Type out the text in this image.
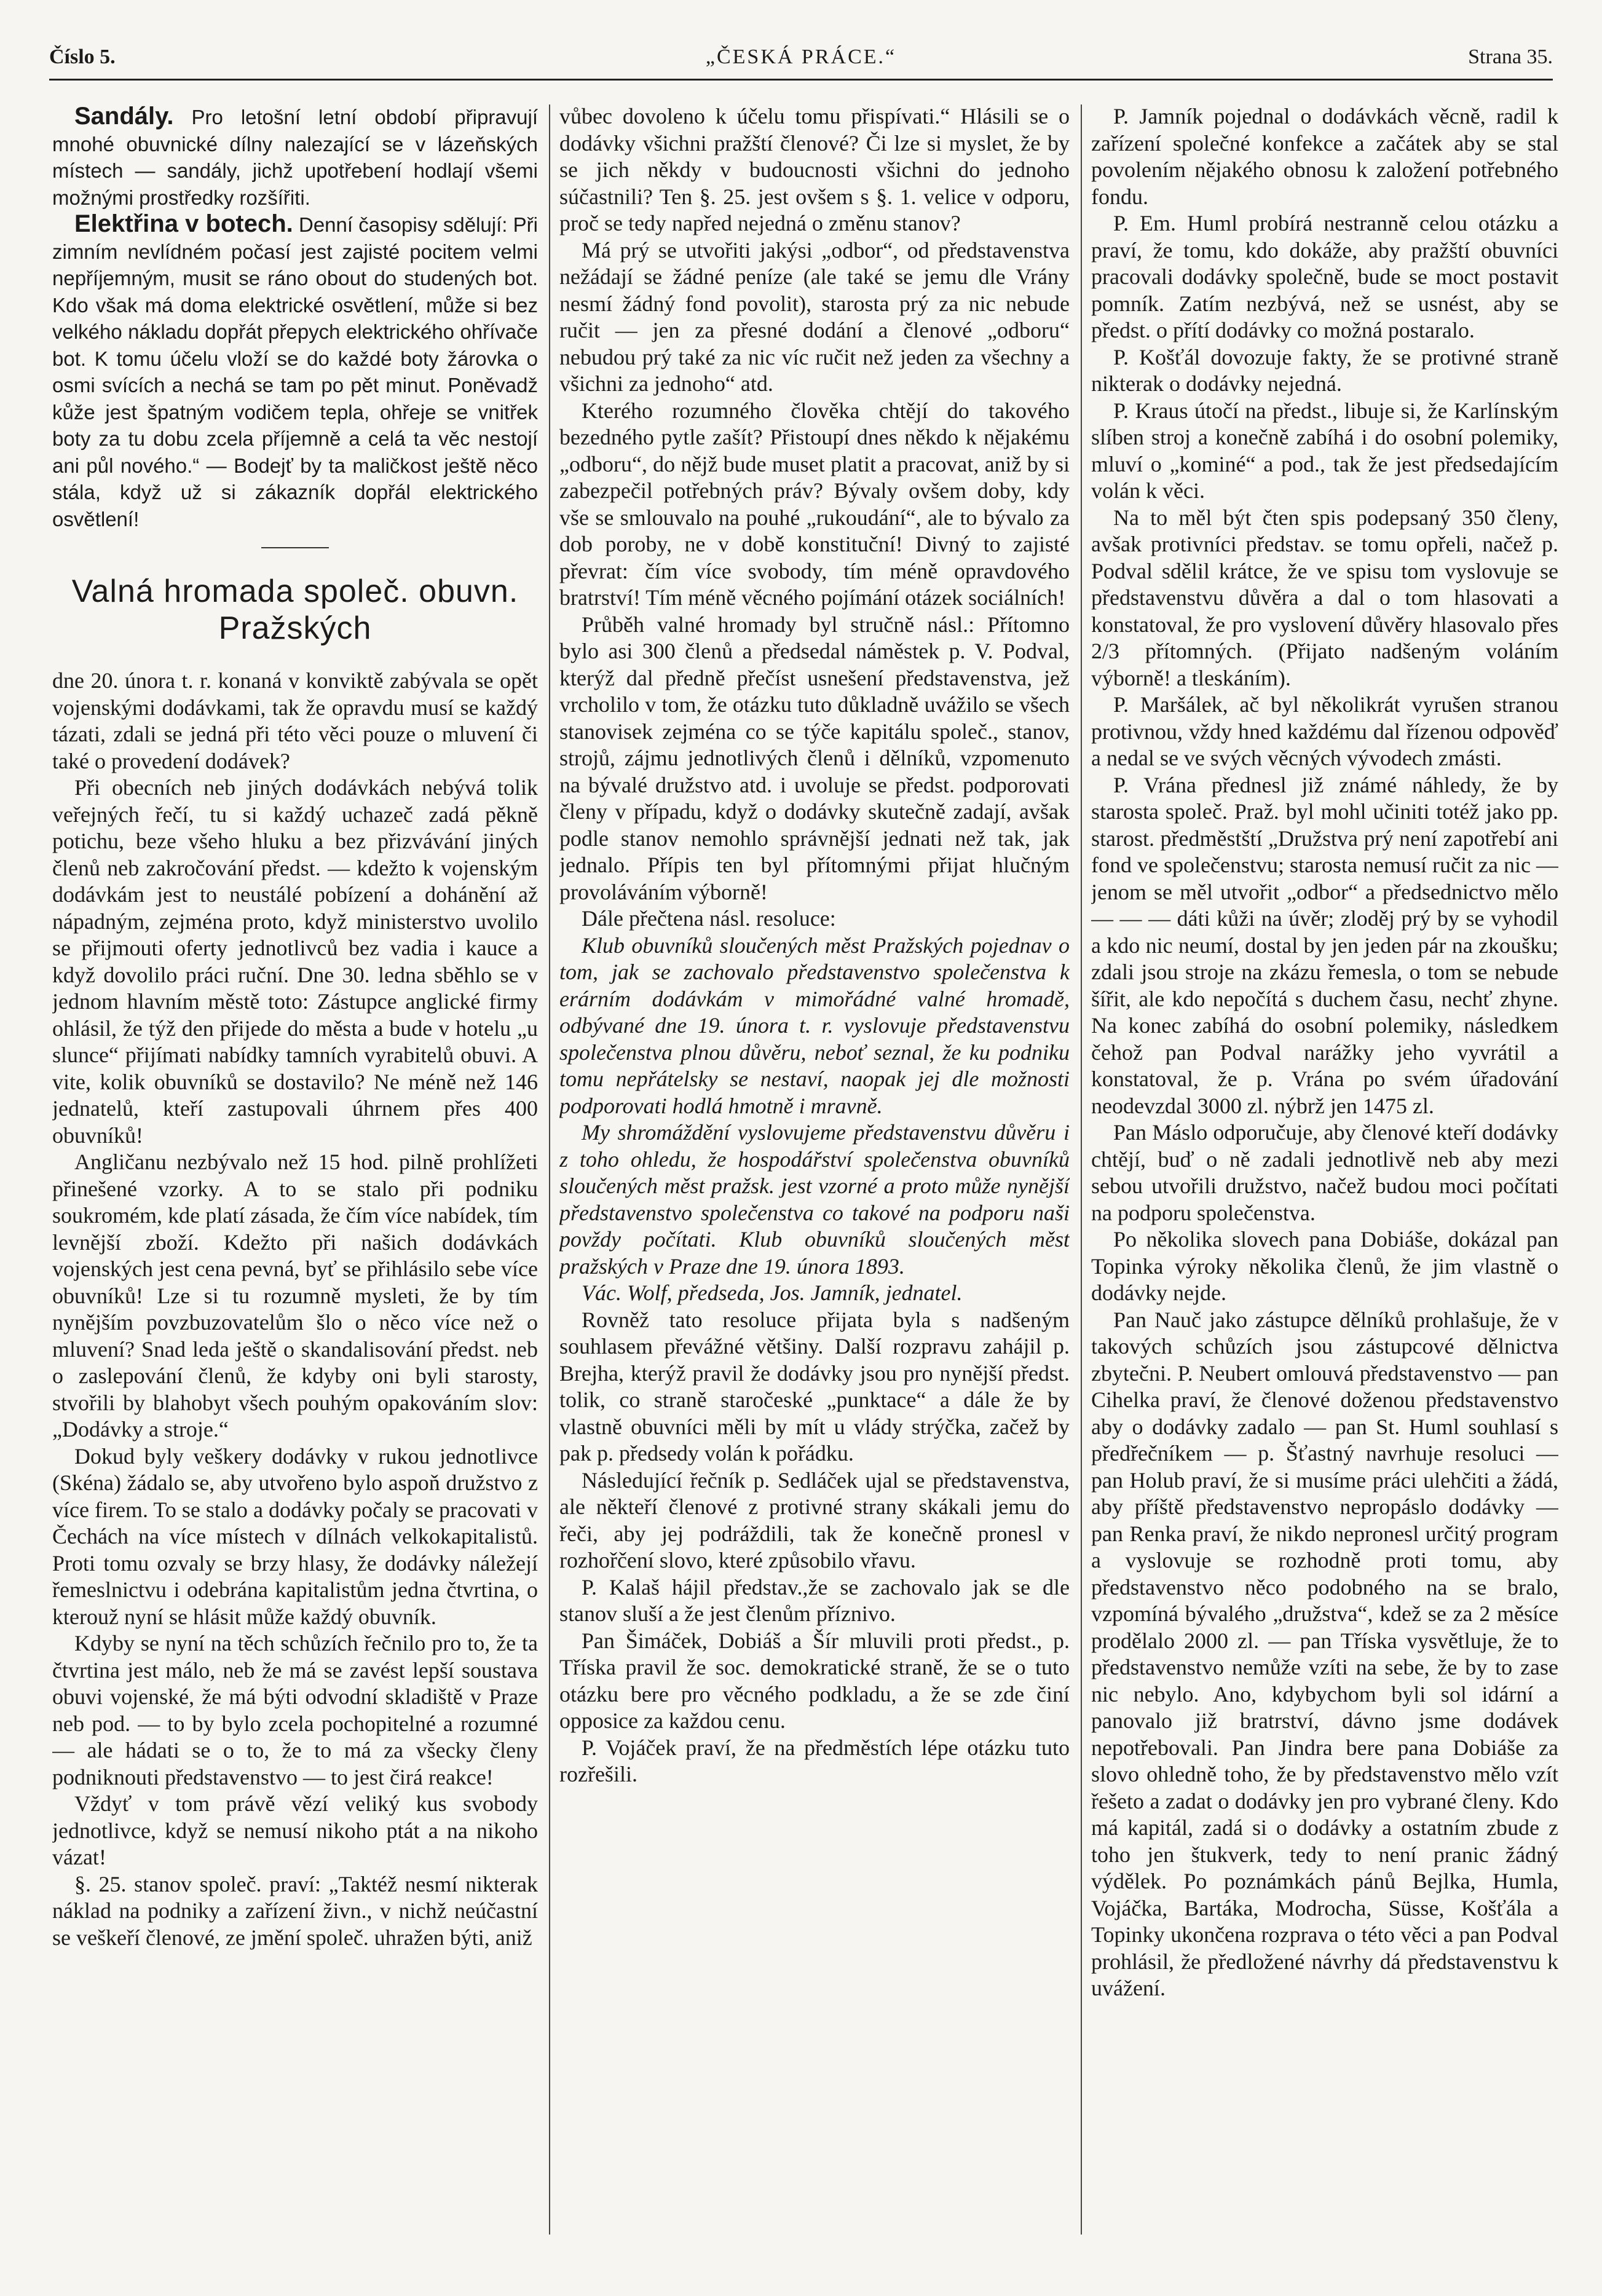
Číslo 5.	„ČESKÁ PRÁCE.“	Strana 35.

Sandály. Pro letošní letní období připravují mnohé obuvnické dílny nalezající se v lázeňských místech — sandály, jichž upotřebení hodlají všemi možnými prostředky rozšířiti.

Elektřina v botech. Denní časopisy sdělují: Při zimním nevlídném počasí jest zajisté pocitem velmi nepříjemným, musit se ráno obout do studených bot. Kdo však má doma elektrické osvětlení, může si bez velkého nákladu dopřát přepych elektrického ohřívače bot. K tomu účelu vloží se do každé boty žárovka o osmi svících a nechá se tam po pět minut. Poněvadž kůže jest špatným vodičem tepla, ohřeje se vnitřek boty za tu dobu zcela příjemně a celá ta věc nestojí ani půl nového.“ — Bodejť by ta maličkost ještě něco stála, když už si zákazník dopřál elektrického osvětlení!

Valná hromada společ. obuvn. Pražských

dne 20. února t. r. konaná v konviktě zabývala se opět vojenskými dodávkami, tak že opravdu musí se každý tázati, zdali se jedná při této věci pouze o mluvení či také o provedení dodávek?

Při obecních neb jiných dodávkách nebývá tolik veřejných řečí, tu si každý uchazeč zadá pěkně potichu, beze všeho hluku a bez přizvávání jiných členů neb zakročování předst. — kdežto k vojenským dodávkám jest to neustálé pobízení a dohánění až nápadným, zejména proto, když ministerstvo uvolilo se přijmouti oferty jednotlivců bez vadia i kauce a když dovolilo práci ruční. Dne 30. ledna sběhlo se v jednom hlavním městě toto: Zástupce anglické firmy ohlásil, že týž den přijede do města a bude v hotelu „u slunce“ přijímati nabídky tamních vyrabitelů obuvi. A vite, kolik obuvníků se dostavilo? Ne méně než 146 jednatelů, kteří zastupovali úhrnem přes 400 obuvníků!

Angličanu nezbývalo než 15 hod. pilně prohlížeti přinešené vzorky. A to se stalo při podniku soukromém, kde platí zásada, že čím více nabídek, tím levnější zboží. Kdežto při našich dodávkách vojenských jest cena pevná, byť se přihlásilo sebe více obuvníků! Lze si tu rozumně mysleti, že by tím nynějším povzbuzovatelům šlo o něco více než o mluvení? Snad leda ještě o skandalisování předst. neb o zaslepování členů, že kdyby oni byli starosty, stvořili by blahobyt všech pouhým opakováním slov: „Dodávky a stroje.“

Dokud byly veškery dodávky v rukou jednotlivce (Skéna) žádalo se, aby utvořeno bylo aspoň družstvo z více firem. To se stalo a dodávky počaly se pracovati v Čechách na více místech v dílnách velkokapitalistů. Proti tomu ozvaly se brzy hlasy, že dodávky náležejí řemeslnictvu i odebrána kapitalistům jedna čtvrtina, o kterouž nyní se hlásit může každý obuvník.

Kdyby se nyní na těch schůzích řečnilo pro to, že ta čtvrtina jest málo, neb že má se zavést lepší soustava obuvi vojenské, že má býti odvodní skladiště v Praze neb pod. — to by bylo zcela pochopitelné a rozumné — ale hádati se o to, že to má za všecky členy podniknouti představenstvo — to jest čirá reakce!

Vždyť v tom právě vězí veliký kus svobody jednotlivce, když se nemusí nikoho ptát a na nikoho vázat!

§. 25. stanov společ. praví: „Taktéž nesmí nikterak náklad na podniky a zařízení živn., v nichž neúčastní se veškeří členové, ze jmění společ. uhražen býti, aniž

vůbec dovoleno k účelu tomu přispívati.“ Hlásili se o dodávky všichni pražští členové? Či lze si myslet, že by se jich někdy v budoucnosti všichni do jednoho súčastnili? Ten §. 25. jest ovšem s §. 1. velice v odporu, proč se tedy napřed nejedná o změnu stanov?

Má prý se utvořiti jakýsi „odbor“, od představenstva nežádají se žádné peníze (ale také se jemu dle Vrány nesmí žádný fond povolit), starosta prý za nic nebude ručit — jen za přesné dodání a členové „odboru“ nebudou prý také za nic víc ručit než jeden za všechny a všichni za jednoho“ atd.

Kterého rozumného člověka chtějí do takového bezedného pytle zašít? Přistoupí dnes někdo k nějakému „odboru“, do nějž bude muset platit a pracovat, aniž by si zabezpečil potřebných práv? Bývaly ovšem doby, kdy vše se smlouvalo na pouhé „rukoudání“, ale to bývalo za dob poroby, ne v době konstituční! Divný to zajisté převrat: čím více svobody, tím méně opravdového bratrství! Tím méně věcného pojímání otázek sociálních!

Průběh valné hromady byl stručně násl.: Přítomno bylo asi 300 členů a předsedal náměstek p. V. Podval, kterýž dal předně přečíst usnešení představenstva, jež vrcholilo v tom, že otázku tuto důkladně uvážilo se všech stanovisek zejména co se týče kapitálu společ., stanov, strojů, zájmu jednotlivých členů i dělníků, vzpomenuto na bývalé družstvo atd. i uvoluje se předst. podporovati členy v případu, když o dodávky skutečně zadají, avšak podle stanov nemohlo správnější jednati než tak, jak jednalo. Přípis ten byl přítomnými přijat hlučným provoláváním výborně!

Dále přečtena násl. resoluce:

Klub obuvníků sloučených měst Pražských pojednav o tom, jak se zachovalo představenstvo společenstva k erárním dodávkám v mimořádné valné hromadě, odbývané dne 19. února t. r. vyslovuje představenstvu společenstva plnou důvěru, neboť seznal, že ku podniku tomu nepřátelsky se nestaví, naopak jej dle možnosti podporovati hodlá hmotně i mravně.

My shromáždění vyslovujeme představenstvu důvěru i z toho ohledu, že hospodářství společenstva obuvníků sloučených měst pražsk. jest vzorné a proto může nynější představenstvo společenstva co takové na podporu naši povždy počítati. Klub obuvníků sloučených měst pražských v Praze dne 19. února 1893.

Vác. Wolf, předseda, Jos. Jamník, jednatel.

Rovněž tato resoluce přijata byla s nadšeným souhlasem převážné většiny. Další rozpravu zahájil p. Brejha, kterýž pravil že dodávky jsou pro nynější předst. tolik, co straně staročeské „punktace“ a dále že by vlastně obuvníci měli by mít u vlády strýčka, začež by pak p. předsedy volán k pořádku.

Následující řečník p. Sedláček ujal se představenstva, ale někteří členové z protivné strany skákali jemu do řeči, aby jej podráždili, tak že konečně pronesl v rozhořčení slovo, které způsobilo vřavu.

P. Kalaš hájil představ.,že se zachovalo jak se dle stanov sluší a že jest členům příznivo.

Pan Šimáček, Dobiáš a Šír mluvili proti předst., p. Tříska pravil že soc. demokratické straně, že se o tuto otázku bere pro věcného podkladu, a že se zde činí opposice za každou cenu.

P. Vojáček praví, že na předměstích lépe otázku tuto rozřešili.

P. Jamník pojednal o dodávkách věcně, radil k zařízení společné konfekce a začátek aby se stal povolením nějakého obnosu k založení potřebného fondu.

P. Em. Huml probírá nestranně celou otázku a praví, že tomu, kdo dokáže, aby pražští obuvníci pracovali dodávky společně, bude se moct postavit pomník. Zatím nezbývá, než se usnést, aby se předst. o přítí dodávky co možná postaralo.

P. Košťál dovozuje fakty, že se protivné straně nikterak o dodávky nejedná.

P. Kraus útočí na předst., libuje si, že Karlínským slíben stroj a konečně zabíhá i do osobní polemiky, mluví o „kominé“ a pod., tak že jest předsedajícím volán k věci.

Na to měl být čten spis podepsaný 350 členy, avšak protivníci představ. se tomu opřeli, načež p. Podval sdělil krátce, že ve spisu tom vyslovuje se představenstvu důvěra a dal o tom hlasovati a konstatoval, že pro vyslovení důvěry hlasovalo přes 2/3 přítomných. (Přijato nadšeným voláním výborně! a tleskáním).

P. Maršálek, ač byl několikrát vyrušen stranou protivnou, vždy hned každému dal řízenou odpověď a nedal se ve svých věcných vývodech zmásti.

P. Vrána přednesl již známé náhledy, že by starosta společ. Praž. byl mohl učiniti totéž jako pp. starost. předměstští „Družstva prý není zapotřebí ani fond ve společenstvu; starosta nemusí ručit za nic — jenom se měl utvořit „odbor“ a předsednictvo mělo — — — dáti kůži na úvěr; zloděj prý by se vyhodil a kdo nic neumí, dostal by jen jeden pár na zkoušku; zdali jsou stroje na zkázu řemesla, o tom se nebude šířit, ale kdo nepočítá s duchem času, nechť zhyne. Na konec zabíhá do osobní polemiky, následkem čehož pan Podval narážky jeho vyvrátil a konstatoval, že p. Vrána po svém úřadování neodevzdal 3000 zl. nýbrž jen 1475 zl.

Pan Máslo odporučuje, aby členové kteří dodávky chtějí, buď o ně zadali jednotlivě neb aby mezi sebou utvořili družstvo, načež budou moci počítati na podporu společenstva.

Po několika slovech pana Dobiáše, dokázal pan Topinka výroky několika členů, že jim vlastně o dodávky nejde.

Pan Nauč jako zástupce dělníků prohlašuje, že v takových schůzích jsou zástupcové dělnictva zbytečni. P. Neubert omlouvá představenstvo — pan Cihelka praví, že členové doženou představenstvo aby o dodávky zadalo — pan St. Huml souhlasí s předřečníkem — p. Šťastný navrhuje resoluci — pan Holub praví, že si musíme práci ulehčiti a žádá, aby příště představenstvo nepropáslo dodávky — pan Renka praví, že nikdo nepronesl určitý program a vyslovuje se rozhodně proti tomu, aby představenstvo něco podobného na se bralo, vzpomíná bývalého „družstva“, kdež se za 2 měsíce prodělalo 2000 zl. — pan Tříska vysvětluje, že to představenstvo nemůže vzíti na sebe, že by to zase nic nebylo. Ano, kdybychom byli sol idární a panovalo již bratrství, dávno jsme dodávek nepotřebovali. Pan Jindra bere pana Dobiáše za slovo ohledně toho, že by představenstvo mělo vzít řešeto a zadat o dodávky jen pro vybrané členy. Kdo má kapitál, zadá si o dodávky a ostatním zbude z toho jen štukverk, tedy to není pranic žádný výdělek. Po poznámkách pánů Bejlka, Humla, Vojáčka, Bartáka, Modrocha, Süsse, Košťála a Topinky ukončena rozprava o této věci a pan Podval prohlásil, že předložené návrhy dá představenstvu k uvážení.
